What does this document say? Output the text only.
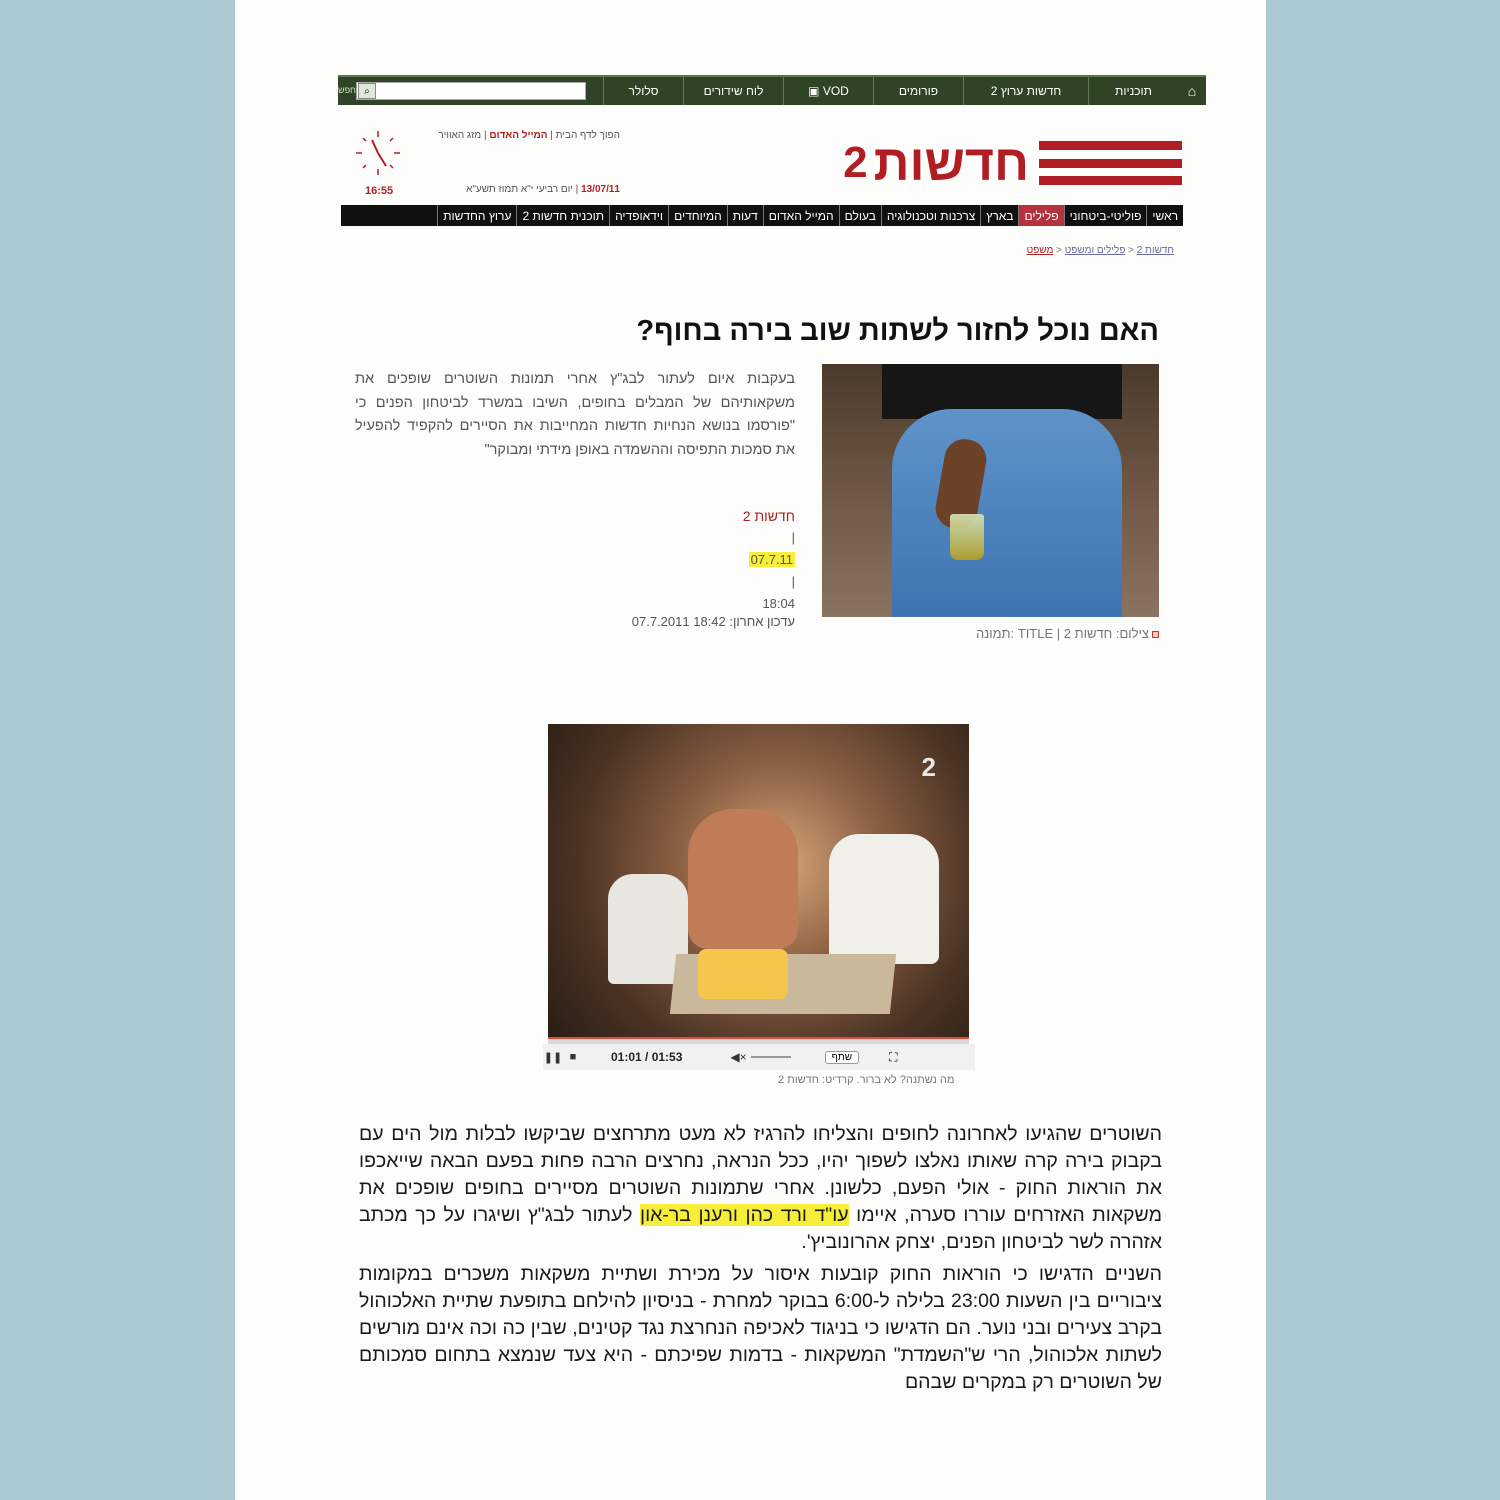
⌂
תוכניות
חדשות ערוץ 2
פורומים
VOD

▣
לוח שידורים
סלולר
⌕
חפש
חדשות
2
הפוך לדף הבית | המייל האדום | מזג האוויר
13/07/11 | יום רביעי י"א תמוז תשע"א
16:55
ראשי
פוליטי-ביטחוני
פלילים
בארץ
צרכנות וטכנולוגיה
בעולם
המייל האדום
דעות
המיוחדים
וידאופדיה
תוכנית חדשות 2
ערוץ החדשות
חדשות 2 < פלילים ומשפט < משפט
האם נוכל לחזור לשתות שוב בירה בחוף?

בעקבות איום לעתור לבג"ץ אחרי תמונות השוטרים שופכים את משקאותיהם של המבלים בחופים, השיבו במשרד לביטחון הפנים כי "פורסמו בנושא הנחיות חדשות המחייבות את הסיירים להקפיד להפעיל את סמכות התפיסה וההשמדה באופן מידתי ומבוקר"

חדשות 2
|
07.7.11
|
18:04
עדכון אחרון: 18:42 07.7.2011
צילום: חדשות 2 | TITLE :תמונה
2
❚❚ ■	01:01 / 01:53	◀×	שתף	⛶
מה נשתנה? לא ברור. קרדיט: חדשות 2

השוטרים שהגיעו לאחרונה לחופים והצליחו להרגיז לא מעט מתרחצים שביקשו לבלות מול הים עם בקבוק בירה קרה שאותו נאלצו לשפוך יהיו, ככל הנראה, נחרצים הרבה פחות בפעם הבאה שייאכפו את הוראות החוק - אולי הפעם, כלשונן. אחרי שתמונות השוטרים מסיירים בחופים שופכים את משקאות האזרחים עוררו סערה, איימו עו"ד ורד כהן ורענן בר-און לעתור לבג"ץ ושיגרו על כך מכתב אזהרה לשר לביטחון הפנים, יצחק אהרונוביץ'.

השניים הדגישו כי הוראות החוק קובעות איסור על מכירת ושתיית משקאות משכרים במקומות ציבוריים בין השעות 23:00 בלילה ל-6:00 בבוקר למחרת - בניסיון להילחם בתופעת שתיית האלכוהול בקרב צעירים ובני נוער. הם הדגישו כי בניגוד לאכיפה הנחרצת נגד קטינים, שבין כה וכה אינם מורשים לשתות אלכוהול, הרי ש"השמדת" המשקאות - בדמות שפיכתם - היא צעד שנמצא בתחום סמכותם של השוטרים רק במקרים שבהם
